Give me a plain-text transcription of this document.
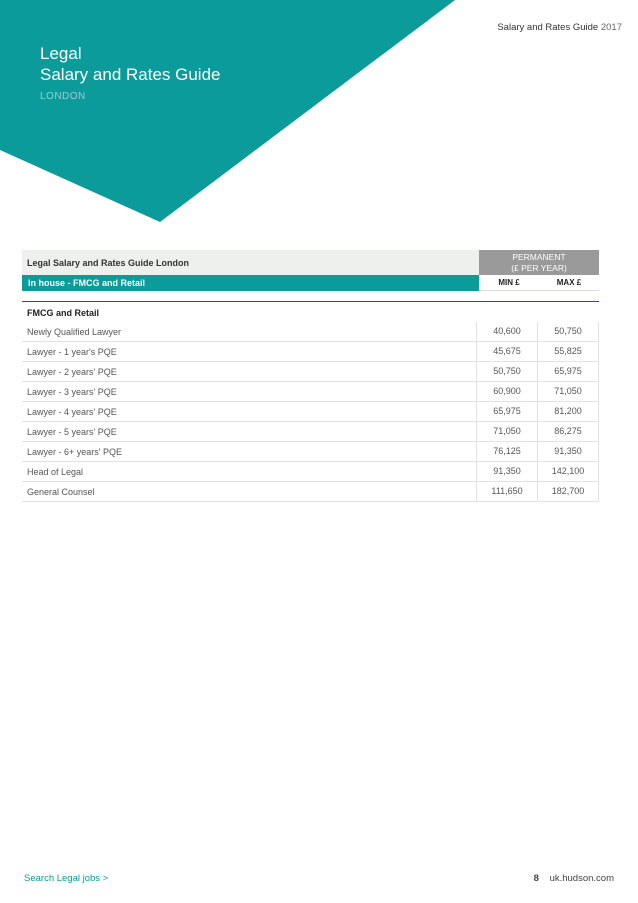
Legal
Salary and Rates Guide
LONDON
Salary and Rates Guide 2017
Legal Salary and Rates Guide London
PERMANENT
(£ PER YEAR)
In house - FMCG and Retail	MIN £	MAX £
FMCG and Retail
Newly Qualified Lawyer	40,600	50,750
Lawyer - 1 year's PQE	45,675	55,825
Lawyer - 2 years' PQE	50,750	65,975
Lawyer - 3 years' PQE	60,900	71,050
Lawyer - 4 years' PQE	65,975	81,200
Lawyer - 5 years' PQE	71,050	86,275
Lawyer - 6+ years' PQE	76,125	91,350
Head of Legal	91,350	142,100
General Counsel	111,650	182,700
Search Legal jobs >	8 uk.hudson.com
